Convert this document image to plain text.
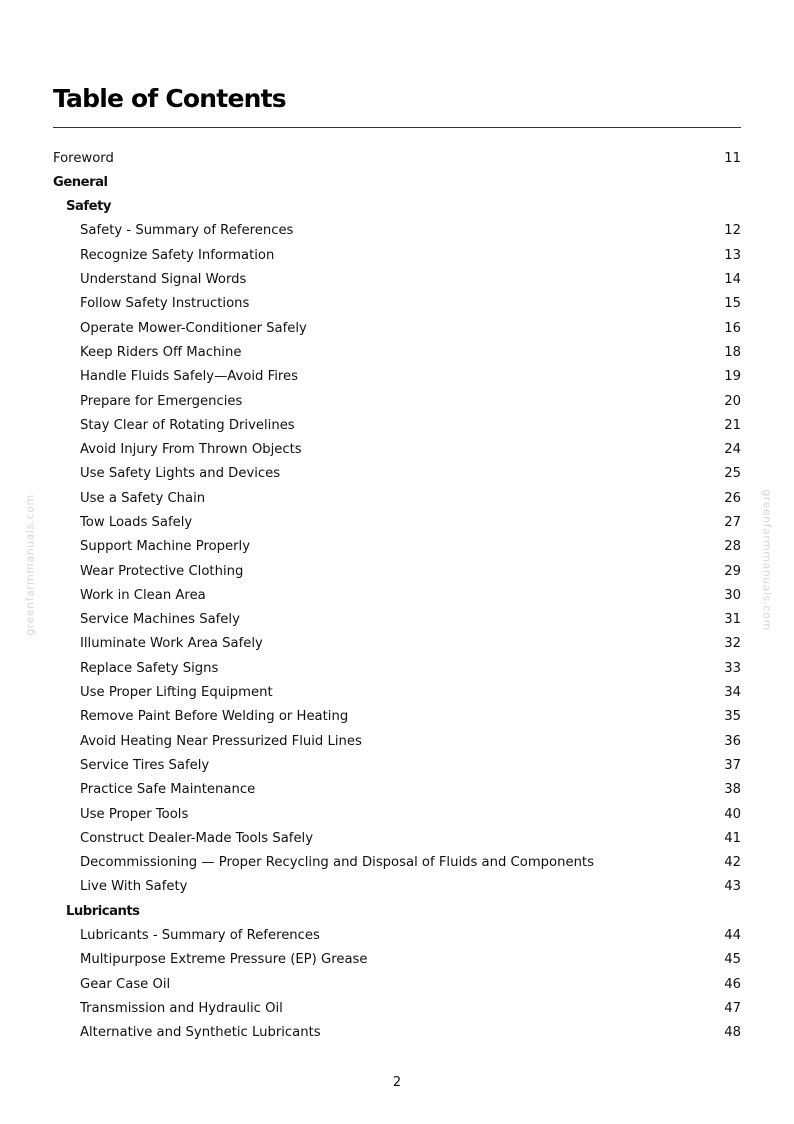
Table of Contents
Foreword	11
General
Safety
Safety - Summary of References	12
Recognize Safety Information	13
Understand Signal Words	14
Follow Safety Instructions	15
Operate Mower-Conditioner Safely	16
Keep Riders Off Machine	18
Handle Fluids Safely—Avoid Fires	19
Prepare for Emergencies	20
Stay Clear of Rotating Drivelines	21
Avoid Injury From Thrown Objects	24
Use Safety Lights and Devices	25
Use a Safety Chain	26
Tow Loads Safely	27
Support Machine Properly	28
Wear Protective Clothing	29
Work in Clean Area	30
Service Machines Safely	31
Illuminate Work Area Safely	32
Replace Safety Signs	33
Use Proper Lifting Equipment	34
Remove Paint Before Welding or Heating	35
Avoid Heating Near Pressurized Fluid Lines	36
Service Tires Safely	37
Practice Safe Maintenance	38
Use Proper Tools	40
Construct Dealer-Made Tools Safely	41
Decommissioning — Proper Recycling and Disposal of Fluids and Components	42
Live With Safety	43
Lubricants
Lubricants - Summary of References	44
Multipurpose Extreme Pressure (EP) Grease	45
Gear Case Oil	46
Transmission and Hydraulic Oil	47
Alternative and Synthetic Lubricants	48
greenfarmmanuals.com	greenfarmmanuals.com
2
